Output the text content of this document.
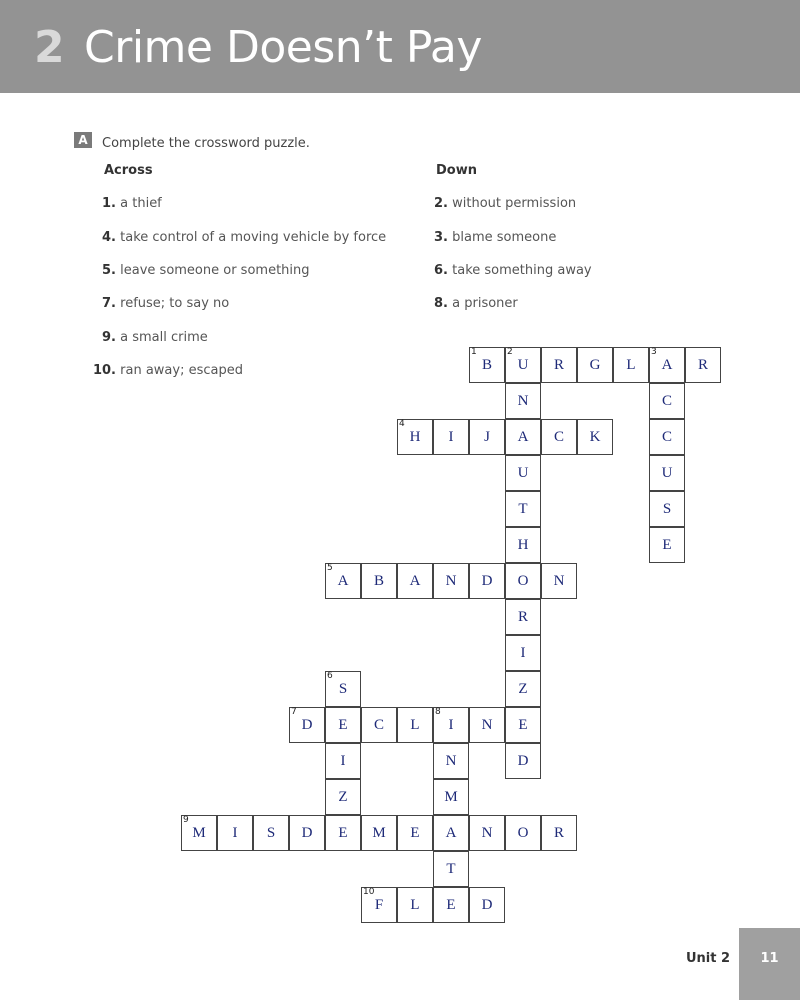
2 Crime Doesn’t Pay
A	Complete the crossword puzzle.
Across	Down
1. a thief
4. take control of a moving vehicle by force
5. leave someone or something
7. refuse; to say no
9. a small crime
10. ran away; escaped
2. without permission
3. blame someone
6. take something away
8. a prisoner
1
B
2
U	R	G	L
3
A	R
N
A
U
T
H
O
R
I
Z
E
D
C
C
U
S
E
4
H	I	J	C	K
5
A	B	A	N	D	N
6
S
E
I
Z
7
D	C	L
8
I	N
N
M
A
T
E
9
M	I	S	D	E	M	E	N	O	R
10
F	L	D
Unit 2	11
